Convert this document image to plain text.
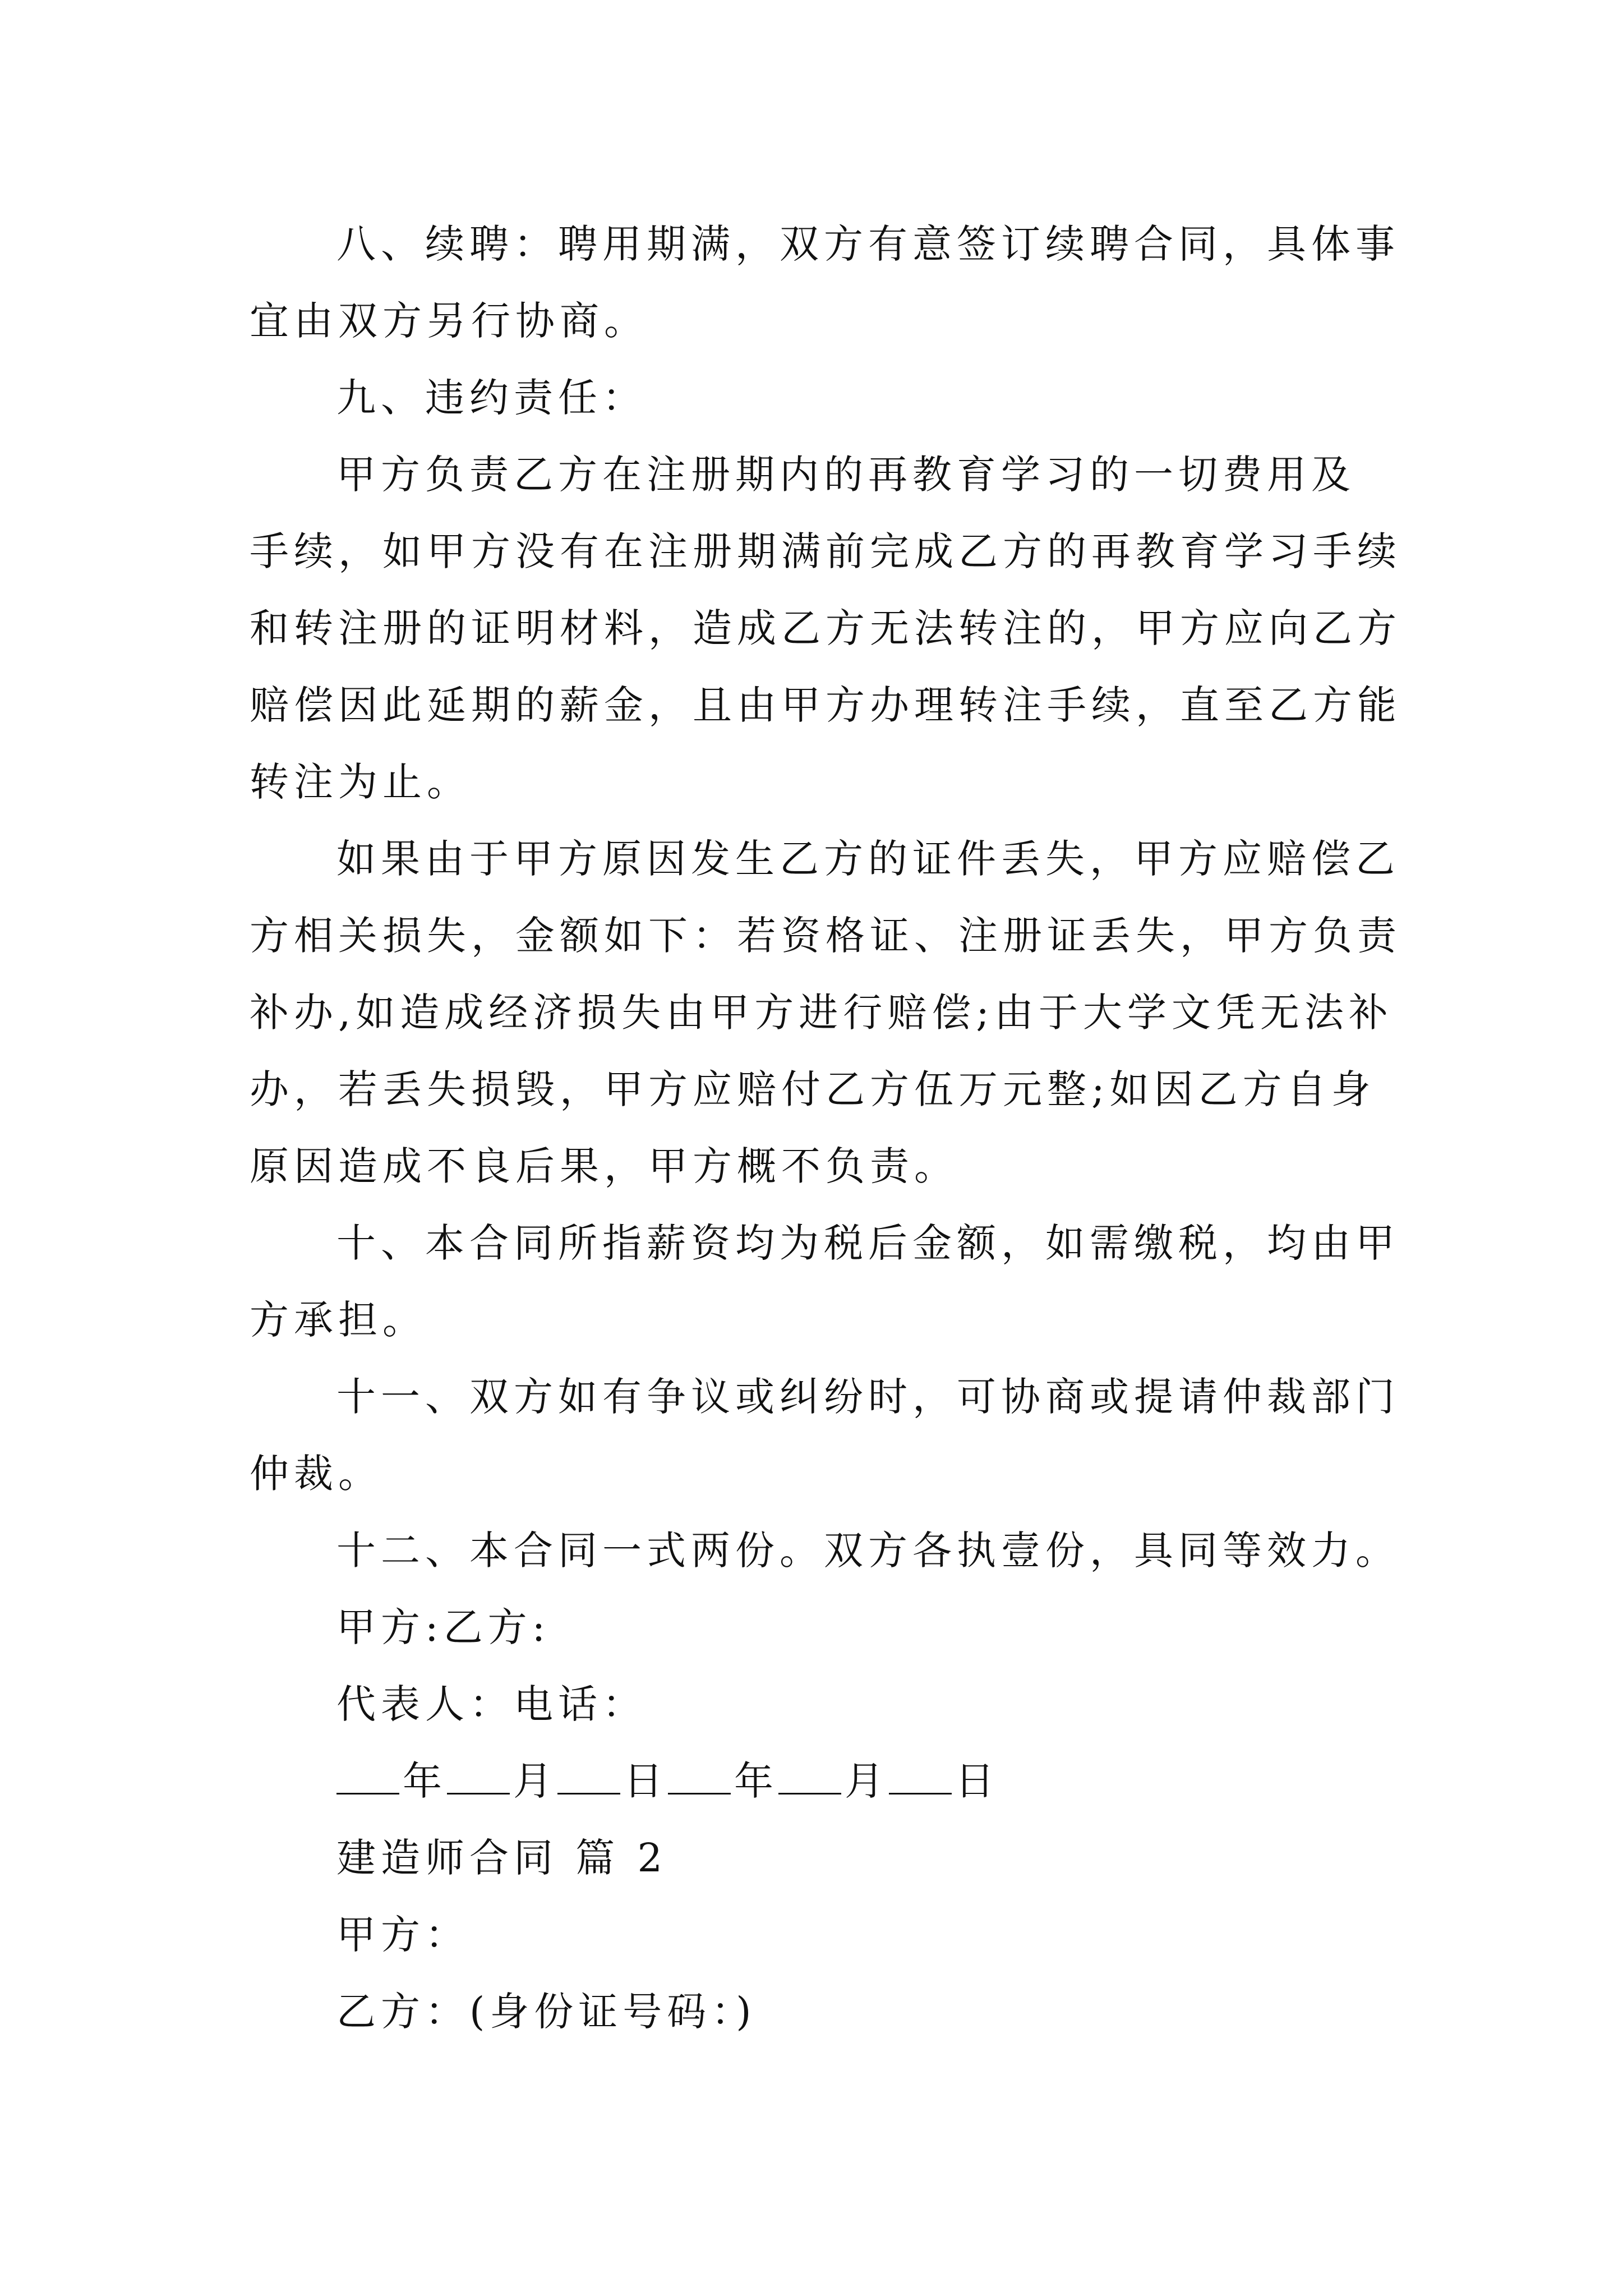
八、续聘：聘用期满，双方有意签订续聘合同，具体事
宜由双方另行协商。
九、违约责任：
甲方负责乙方在注册期内的再教育学习的一切费用及
手续，如甲方没有在注册期满前完成乙方的再教育学习手续
和转注册的证明材料，造成乙方无法转注的，甲方应向乙方
赔偿因此延期的薪金，且由甲方办理转注手续，直至乙方能
转注为止。
如果由于甲方原因发生乙方的证件丢失，甲方应赔偿乙
方相关损失，金额如下：若资格证、注册证丢失，甲方负责
补办,如造成经济损失由甲方进行赔偿;由于大学文凭无法补
办，若丢失损毁，甲方应赔付乙方伍万元整;如因乙方自身
原因造成不良后果，甲方概不负责。
十、本合同所指薪资均为税后金额，如需缴税，均由甲
方承担。
十一、双方如有争议或纠纷时，可协商或提请仲裁部门
仲裁。
十二、本合同一式两份。双方各执壹份，具同等效力。
甲方:乙方:
代表人：电话：
年 月 日 年 月 日
建造师合同 篇 2
甲方：
乙方：(身份证号码：)
